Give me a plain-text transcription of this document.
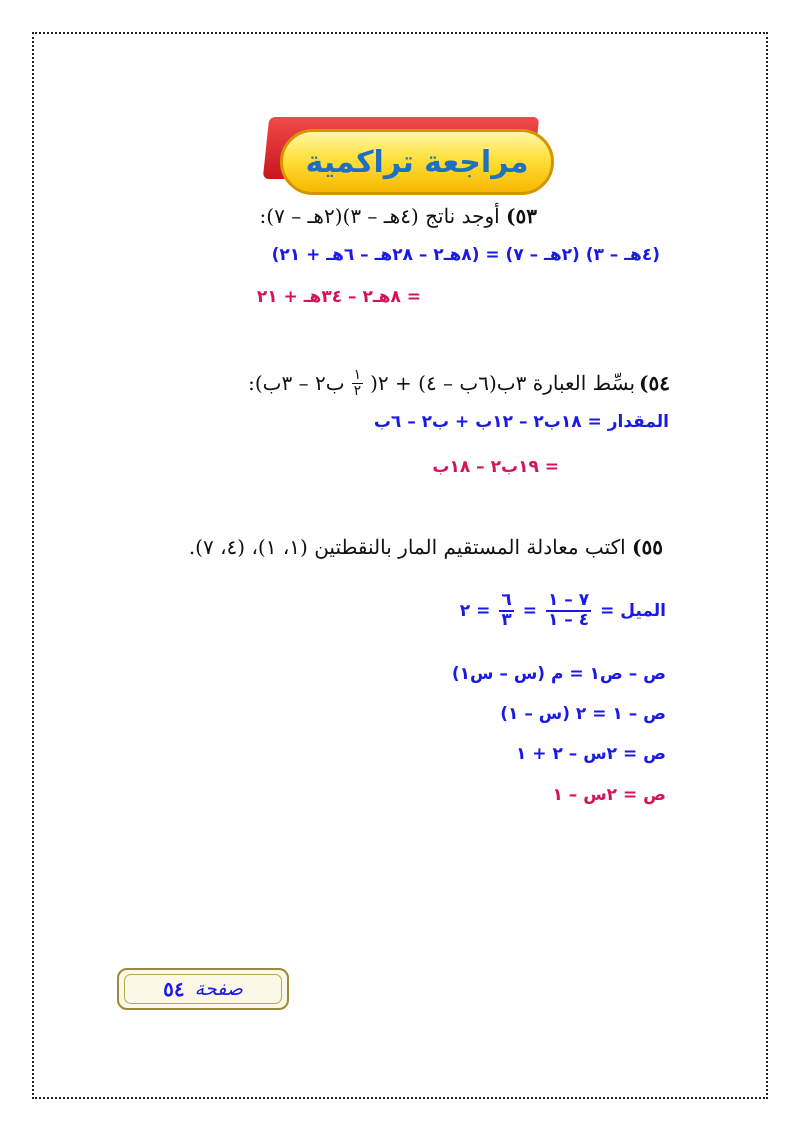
مراجعة تراكمية
٥٣) أوجد ناتج (٤هـ – ٣)(٢هـ – ٧):
(٤هـ – ٣) (٢هـ – ٧) = (٨هـ٢ – ٢٨هـ – ٦هـ + ٢١)
= ٨هـ٢ – ٣٤هـ + ٢١
٥٤)
بسِّط العبارة ٣ب(٦ب – ٤) + ٢(
$\frac{١}{٢}$
ب٢ – ٣ب):
المقدار = ١٨ب٢ – ١٢ب + ب٢ – ٦ب
= ١٩ب٢ – ١٨ب
٥٥) اكتب معادلة المستقيم المار بالنقطتين (١، ١)، (٤، ٧).
الميل =
$\frac{٧ - ١}{٤ - ١}$
=
$\frac{٦}{٣}$
= ٢
ص – ص١ = م (س – س١)
ص – ١ = ٢ (س – ١)
ص = ٢س – ٢ + ١
ص = ٢س – ١
صفحة
٥٤
